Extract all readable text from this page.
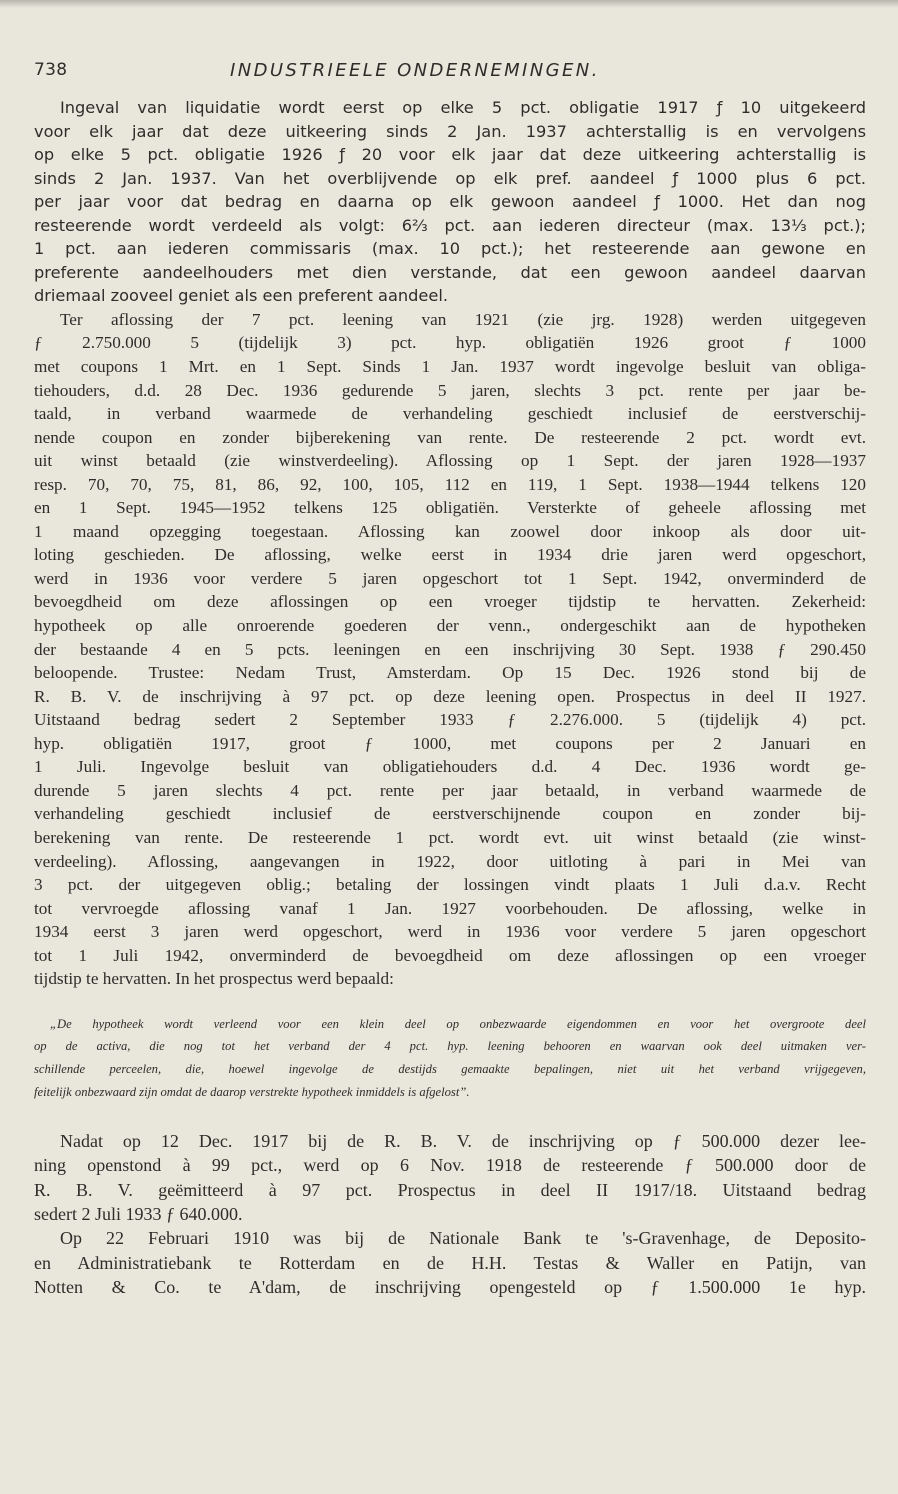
738	INDUSTRIEELE ONDERNEMINGEN.
Ingeval van liquidatie wordt eerst op elke 5 pct. obligatie 1917 ƒ 10 uitgekeerd
voor elk jaar dat deze uitkeering sinds 2 Jan. 1937 achterstallig is en vervolgens
op elke 5 pct. obligatie 1926 ƒ 20 voor elk jaar dat deze uitkeering achterstallig is
sinds 2 Jan. 1937. Van het overblijvende op elk pref. aandeel ƒ 1000 plus 6 pct.
per jaar voor dat bedrag en daarna op elk gewoon aandeel ƒ 1000. Het dan nog
resteerende wordt verdeeld als volgt: 6⅔ pct. aan iederen directeur (max. 13⅓ pct.);
1 pct. aan iederen commissaris (max. 10 pct.); het resteerende aan gewone en
preferente aandeelhouders met dien verstande, dat een gewoon aandeel daarvan
driemaal zooveel geniet als een preferent aandeel.
Ter aflossing der 7 pct. leening van 1921 (zie jrg. 1928) werden uitgegeven
ƒ 2.750.000 5 (tijdelijk 3) pct. hyp. obligatiën 1926 groot ƒ 1000
met coupons 1 Mrt. en 1 Sept. Sinds 1 Jan. 1937 wordt ingevolge besluit van obliga-
tiehouders, d.d. 28 Dec. 1936 gedurende 5 jaren, slechts 3 pct. rente per jaar be-
taald, in verband waarmede de verhandeling geschiedt inclusief de eerstverschij-
nende coupon en zonder bijberekening van rente. De resteerende 2 pct. wordt evt.
uit winst betaald (zie winstverdeeling). Aflossing op 1 Sept. der jaren 1928—1937
resp. 70, 70, 75, 81, 86, 92, 100, 105, 112 en 119, 1 Sept. 1938—1944 telkens 120
en 1 Sept. 1945—1952 telkens 125 obligatiën. Versterkte of geheele aflossing met
1 maand opzegging toegestaan. Aflossing kan zoowel door inkoop als door uit-
loting geschieden. De aflossing, welke eerst in 1934 drie jaren werd opgeschort,
werd in 1936 voor verdere 5 jaren opgeschort tot 1 Sept. 1942, onverminderd de
bevoegdheid om deze aflossingen op een vroeger tijdstip te hervatten. Zekerheid:
hypotheek op alle onroerende goederen der venn., ondergeschikt aan de hypotheken
der bestaande 4 en 5 pcts. leeningen en een inschrijving 30 Sept. 1938 ƒ 290.450
beloopende. Trustee: Nedam Trust, Amsterdam. Op 15 Dec. 1926 stond bij de
R. B. V. de inschrijving à 97 pct. op deze leening open. Prospectus in deel II 1927.
Uitstaand bedrag sedert 2 September 1933 ƒ 2.276.000. 5 (tijdelijk 4) pct.
hyp. obligatiën 1917, groot ƒ 1000, met coupons per 2 Januari en
1 Juli. Ingevolge besluit van obligatiehouders d.d. 4 Dec. 1936 wordt ge-
durende 5 jaren slechts 4 pct. rente per jaar betaald, in verband waarmede de
verhandeling geschiedt inclusief de eerstverschijnende coupon en zonder bij-
berekening van rente. De resteerende 1 pct. wordt evt. uit winst betaald (zie winst-
verdeeling). Aflossing, aangevangen in 1922, door uitloting à pari in Mei van
3 pct. der uitgegeven oblig.; betaling der lossingen vindt plaats 1 Juli d.a.v. Recht
tot vervroegde aflossing vanaf 1 Jan. 1927 voorbehouden. De aflossing, welke in
1934 eerst 3 jaren werd opgeschort, werd in 1936 voor verdere 5 jaren opgeschort
tot 1 Juli 1942, onverminderd de bevoegdheid om deze aflossingen op een vroeger
tijdstip te hervatten. In het prospectus werd bepaald:
„De hypotheek wordt verleend voor een klein deel op onbezwaarde eigendommen en voor het overgroote deel
op de activa, die nog tot het verband der 4 pct. hyp. leening behooren en waarvan ook deel uitmaken ver-
schillende perceelen, die, hoewel ingevolge de destijds gemaakte bepalingen, niet uit het verband vrijgegeven,
feitelijk onbezwaard zijn omdat de daarop verstrekte hypotheek inmiddels is afgelost”.
Nadat op 12 Dec. 1917 bij de R. B. V. de inschrijving op ƒ 500.000 dezer lee-
ning openstond à 99 pct., werd op 6 Nov. 1918 de resteerende ƒ 500.000 door de
R. B. V. geëmitteerd à 97 pct. Prospectus in deel II 1917/18. Uitstaand bedrag
sedert 2 Juli 1933 ƒ 640.000.
Op 22 Februari 1910 was bij de Nationale Bank te 's-Gravenhage, de Deposito-
en Administratiebank te Rotterdam en de H.H. Testas & Waller en Patijn, van
Notten & Co. te A'dam, de inschrijving opengesteld op ƒ 1.500.000 1e hyp.
